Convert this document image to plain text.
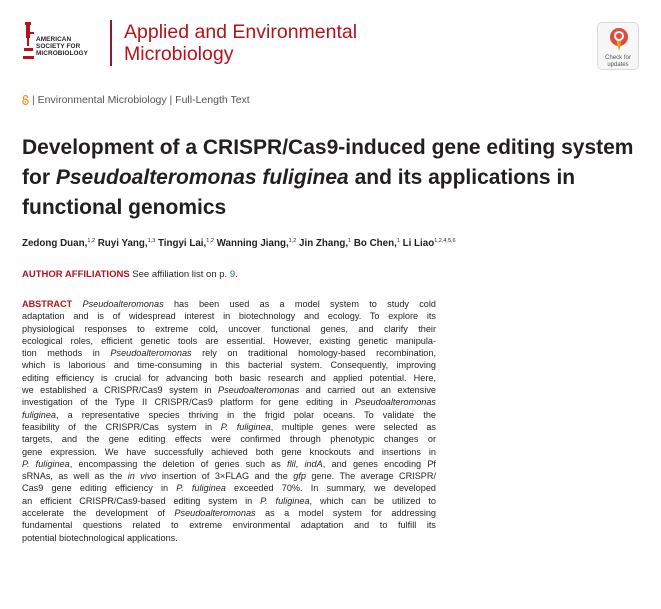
AMERICAN
SOCIETY FOR
MICROBIOLOGY
Applied and Environmental
Microbiology	Check for
updates
| Environmental Microbiology | Full-Length Text
Development of a CRISPR/Cas9-induced gene editing system
for Pseudoalteromonas fuliginea and its applications in
functional genomics
Zedong Duan,$^{1,2}$ Ruyi Yang,$^{1,3}$ Tingyi Lai,$^{1,2}$ Wanning Jiang,$^{1,2}$ Jin Zhang,$^1$ Bo Chen,$^1$ Li Liao$^{1,2,4,5,6}$
AUTHOR AFFILIATIONS See affiliation list on p. 9.
ABSTRACT Pseudoalteromonas has been used as a model system to study cold
adaptation and is of widespread interest in biotechnology and ecology. To explore its
physiological responses to extreme cold, uncover functional genes, and clarify their
ecological roles, efficient genetic tools are essential. However, existing genetic manipula-
tion methods in Pseudoalteromonas rely on traditional homology-based recombination,
which is laborious and time-consuming in this bacterial system. Consequently, improving
editing efficiency is crucial for advancing both basic research and applied potential. Here,
we established a CRISPR/Cas9 system in Pseudoalteromonas and carried out an extensive
investigation of the Type II CRISPR/Cas9 platform for gene editing in Pseudoalteromonas
fuliginea, a representative species thriving in the frigid polar oceans. To validate the
feasibility of the CRISPR/Cas system in P. fuliginea, multiple genes were selected as
targets, and the gene editing effects were confirmed through phenotypic changes or
gene expression. We have successfully achieved both gene knockouts and insertions in
P. fuliginea, encompassing the deletion of genes such as flil, indA, and genes encoding Pf
sRNAs, as well as the in vivo insertion of 3×FLAG and the gfp gene. The average CRISPR/
Cas9 gene editing efficiency in P. fuliginea exceeded 70%. In summary, we developed
an efficient CRISPR/Cas9-based editing system in P. fuliginea, which can be utilized to
accelerate the development of Pseudoalteromonas as a model system for addressing
fundamental questions related to extreme environmental adaptation and to fulfill its
potential biotechnological applications.
